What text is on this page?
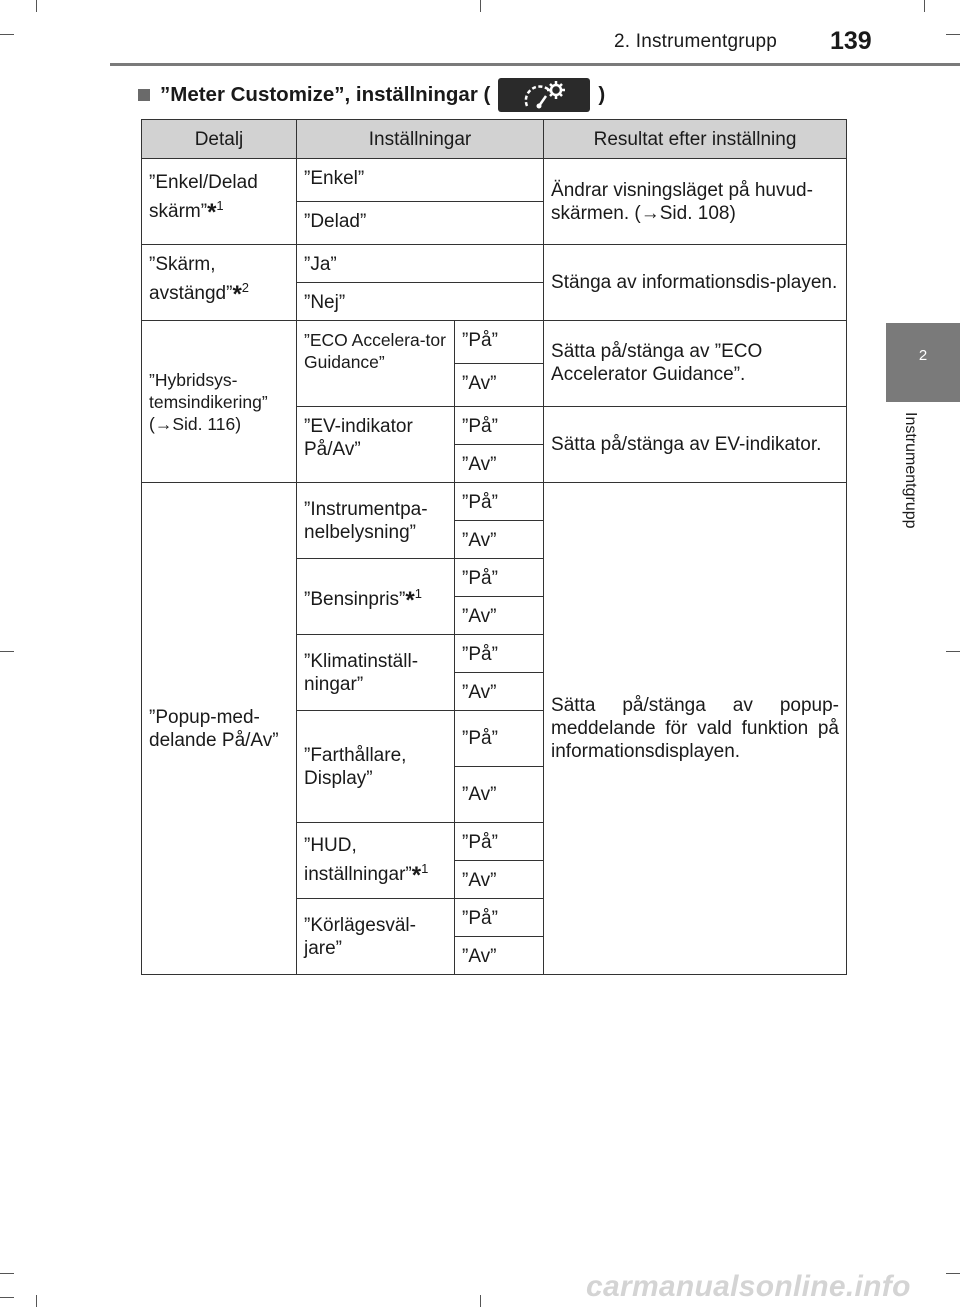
2. Instrumentgrupp 139
2
Instrumentgrupp
”Meter Customize”, inställningar (	)
Detalj	Inställningar		Resultat efter inställning
”Enkel/Delad skärm”*$^1$	”Enkel”		Ändrar visningsläget på huvud-skärmen. (→Sid. 108)
	”Delad”		
”Skärm, avstängd”*$^2$	”Ja”		Stänga av informationsdis-playen.
	”Nej”		
”Hybridsys-temsindikering” (→Sid. 116)	”ECO Accelera-tor Guidance”	”På”	Sätta på/stänga av ”ECO Accelerator Guidance”.
		”Av”	
	”EV-indikator På/Av”	”På”	Sätta på/stänga av EV-indikator.
		”Av”	
”Popup-med-delande På/Av”	”Instrumentpa-nelbelysning”	”På”	Sätta på/stänga av popup-meddelande för vald funktion på informationsdisplayen.
		”Av”	
	”Bensinpris”*$^1$	”På”	
		”Av”	
	”Klimatinställ-ningar”	”På”	
		”Av”	
	”Farthållare, Display”	”På”	
		”Av”	
	”HUD, inställningar”*$^1$	”På”	
		”Av”	
	”Körlägesväl-jare”	”På”	
		”Av”	
carmanualsonline.info
